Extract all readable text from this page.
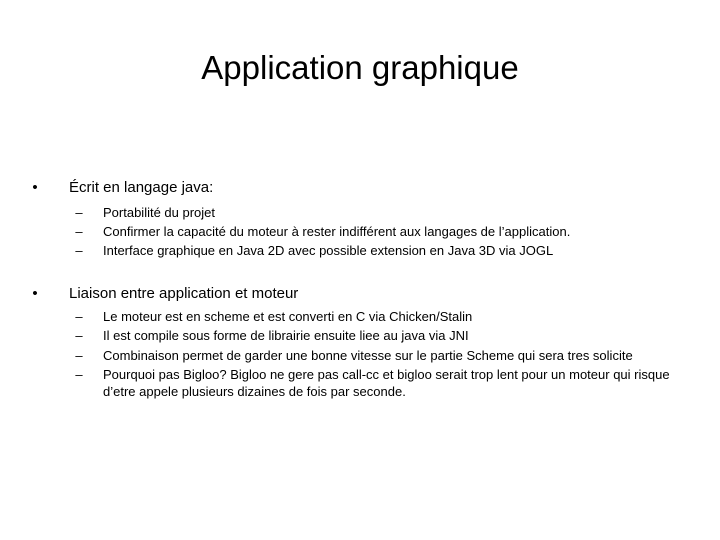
Application graphique
• Écrit en langage java:
– Portabilité du projet
– Confirmer la capacité du moteur à rester indifférent aux langages de l’application.
– Interface graphique en Java 2D avec possible extension en Java 3D via JOGL
• Liaison entre application et moteur
– Le moteur est en scheme et est converti en C via Chicken/Stalin
– Il est compile sous forme de librairie ensuite liee au java via JNI
– Combinaison permet de garder une bonne vitesse sur le partie Scheme qui sera tres solicite
– Pourquoi pas Bigloo? Bigloo ne gere pas call-cc et bigloo serait trop lent pour un moteur qui risque d’etre appele plusieurs dizaines de fois par seconde.
